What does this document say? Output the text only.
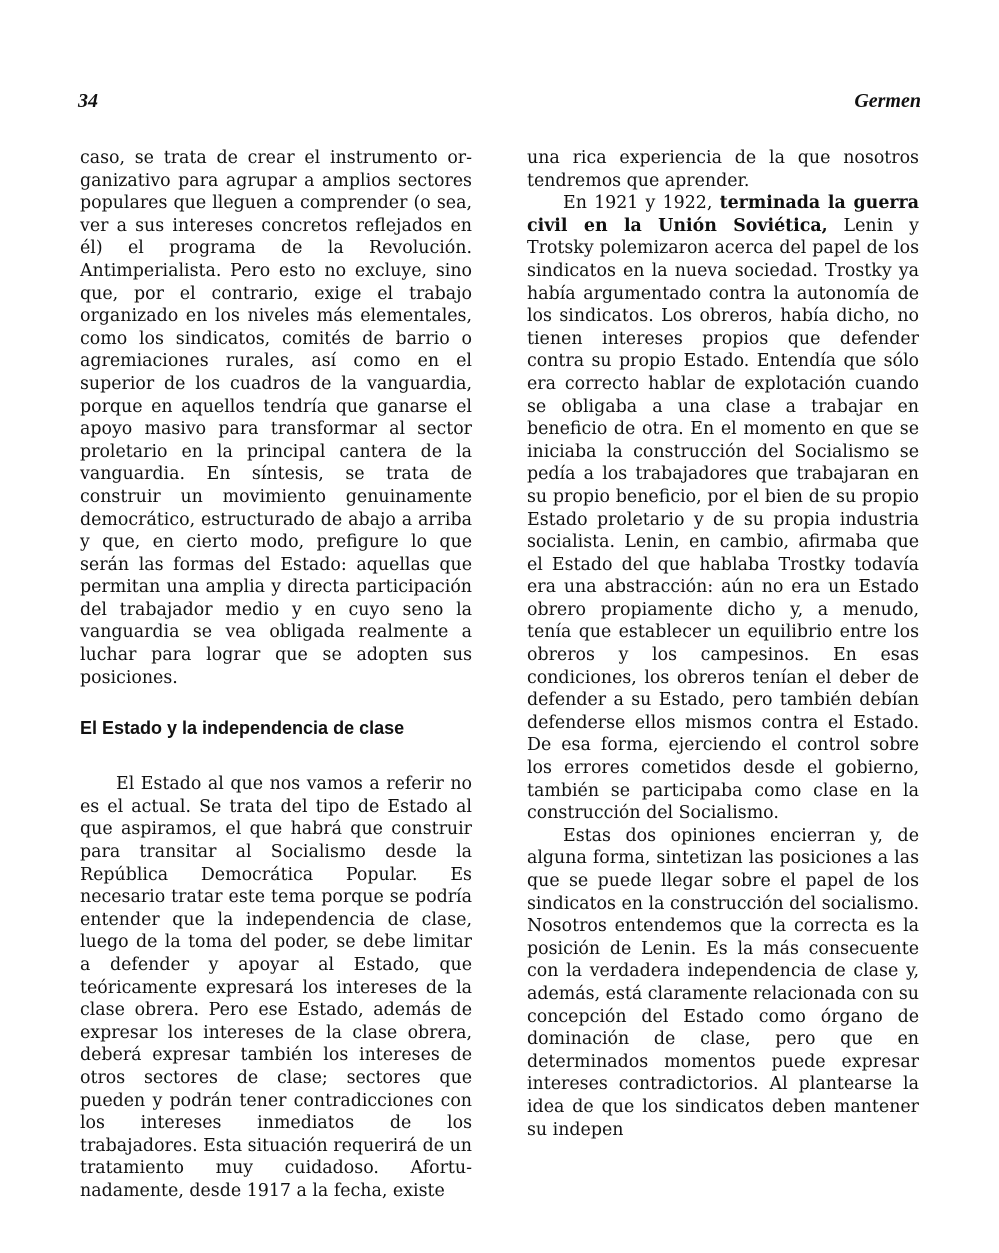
34	Germen

caso, se trata de crear el instrumento organizativo para agrupar a amplios sectores populares que lleguen a comprender (o sea, ver a sus intereses concretos reflejados en él) el programa de la Revolución. Antimperialista. Pero esto no excluye, sino que, por el contrario, exige el trabajo organizado en los niveles más elementales, como los sindicatos, comités de barrio o agremiaciones rurales, así como en el superior de los cuadros de la vanguardia, porque en aquellos tendría que ganarse el apoyo masivo para transformar al sector proletario en la principal cantera de la vanguardia. En síntesis, se trata de construir un movimiento genuinamente democrático, estructurado de abajo a arriba y que, en cierto modo, prefigure lo que serán las formas del Estado: aquellas que permitan una amplia y directa participación del trabajador medio y en cuyo seno la vanguardia se vea obligada realmente a luchar para lograr que se adopten sus posiciones.

El Estado y la independencia de clase

El Estado al que nos vamos a referir no es el actual. Se trata del tipo de Estado al que aspiramos, el que habrá que construir para transitar al Socialismo desde la República Democrática Popular. Es necesario tratar este tema porque se podría entender que la independencia de clase, luego de la toma del poder, se debe limitar a defender y apoyar al Estado, que teóricamente expresará los intereses de la clase obrera. Pero ese Estado, además de expresar los intereses de la clase obrera, deberá expresar también los intereses de otros sectores de clase; sectores que pueden y podrán tener contradicciones con los intereses inmediatos de los trabajadores. Esta situación requerirá de un tratamiento muy cuidadoso. Afortunadamente, desde 1917 a la fecha, existe

una rica experiencia de la que nosotros tendremos que aprender.

En 1921 y 1922, terminada la guerra civil en la Unión Soviética, Lenin y Trotsky polemizaron acerca del papel de los sindicatos en la nueva sociedad. Trostky ya había argumentado contra la autonomía de los sindicatos. Los obreros, había dicho, no tienen intereses propios que defender contra su propio Estado. Entendía que sólo era correcto hablar de explotación cuando se obligaba a una clase a trabajar en beneficio de otra. En el momento en que se iniciaba la construcción del Socialismo se pedía a los trabajadores que trabajaran en su propio beneficio, por el bien de su propio Estado proletario y de su propia industria socialista. Lenin, en cambio, afirmaba que el Estado del que hablaba Trostky todavía era una abstracción: aún no era un Estado obrero propiamente dicho y, a menudo, tenía que establecer un equilibrio entre los obreros y los campesinos. En esas condiciones, los obreros tenían el deber de defender a su Estado, pero también debían defenderse ellos mismos contra el Estado. De esa forma, ejerciendo el control sobre los errores cometidos desde el gobierno, también se participaba como clase en la construcción del Socialismo.

Estas dos opiniones encierran y, de alguna forma, sintetizan las posiciones a las que se puede llegar sobre el papel de los sindicatos en la construcción del socialismo. Nosotros entendemos que la correcta es la posición de Lenin. Es la más consecuente con la verdadera independencia de clase y, además, está claramente relacionada con su concepción del Estado como órgano de dominación de clase, pero que en determinados momentos puede expresar intereses contradictorios. Al plantearse la idea de que los sindicatos deben mantener su indepen
